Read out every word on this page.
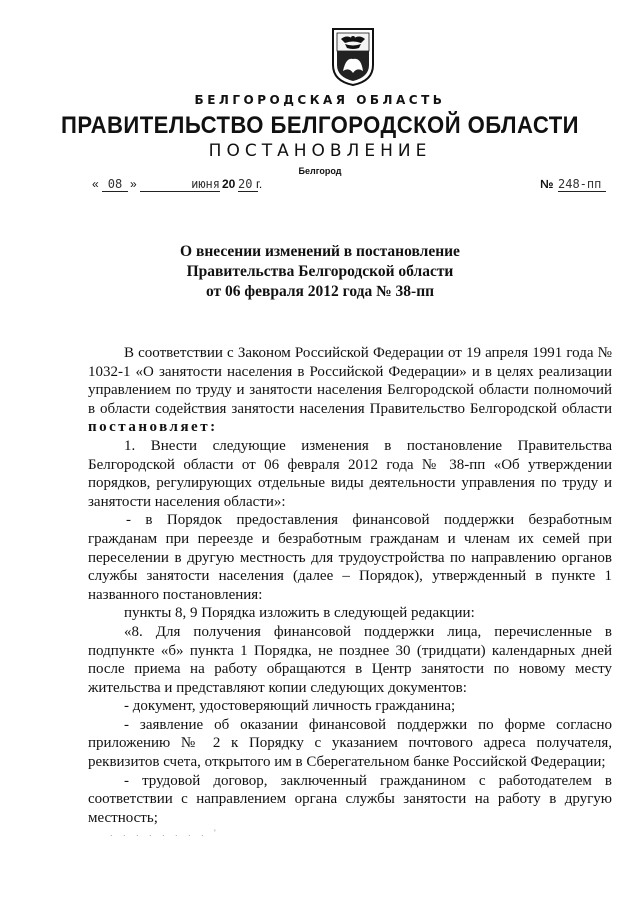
БЕЛГОРОДСКАЯ ОБЛАСТЬ
ПРАВИТЕЛЬСТВО БЕЛГОРОДСКОЙ ОБЛАСТИ
ПОСТАНОВЛЕНИЕ
Белгород
« 08 »	июня 20 20 г.	№ 248-пп
О внесении изменений в постановление
Правительства Белгородской области
от 06 февраля 2012 года № 38-пп

В соответствии с Законом Российской Федерации от 19 апреля 1991 года № 1032-1 «О занятости населения в Российской Федерации» и в целях реализации управлением по труду и занятости населения Белгородской области полномочий в области содействия занятости населения Правительство Белгородской области постановляет:

1. Внести следующие изменения в постановление Правительства Белгородской области от 06 февраля 2012 года № 38-пп «Об утверждении порядков, регулирующих отдельные виды деятельности управления по труду и занятости населения области»:

- в Порядок предоставления финансовой поддержки безработным гражданам при переезде и безработным гражданам и членам их семей при переселении в другую местность для трудоустройства по направлению органов службы занятости населения (далее – Порядок), утвержденный в пункте 1 названного постановления:

пункты 8, 9 Порядка изложить в следующей редакции:

«8. Для получения финансовой поддержки лица, перечисленные в подпункте «б» пункта 1 Порядка, не позднее 30 (тридцати) календарных дней после приема на работу обращаются в Центр занятости по новому месту жительства и представляют копии следующих документов:

- документ, удостоверяющий личность гражданина;

- заявление об оказании финансовой поддержки по форме согласно приложению № 2 к Порядку с указанием почтового адреса получателя, реквизитов счета, открытого им в Сберегательном банке Российской Федерации;

- трудовой договор, заключенный гражданином с работодателем в соответствии с направлением органа службы занятости на работу в другую местность;

. . . . . . . . '
